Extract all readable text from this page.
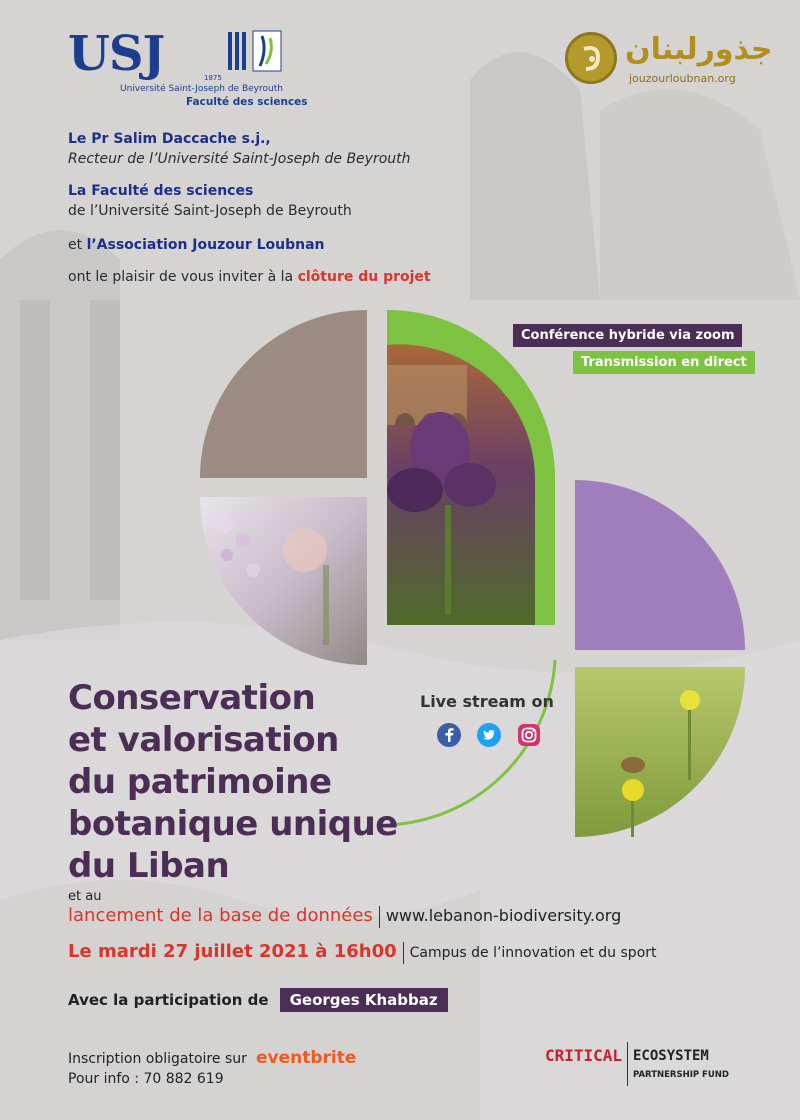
USJ	1875
Université Saint-Joseph de Beyrouth
Faculté des sciences
جذورلبنان
jouzourloubnan.org
Le Pr Salim Daccache s.j.,
Recteur de l’Université Saint-Joseph de Beyrouth
La Faculté des sciences
de l’Université Saint-Joseph de Beyrouth
et l’Association Jouzour Loubnan
ont le plaisir de vous inviter à la clôture du projet
Conférence hybride via zoom
Transmission en direct
Live stream on
Conservation
et valorisation
du patrimoine
botanique unique
du Liban
et au
lancement de la base de données www.lebanon-biodiversity.org
Le mardi 27 juillet 2021 à 16h00 Campus de l’innovation et du sport
Avec la participation de Georges Khabbaz
Inscription obligatoire sur eventbrite
Pour info : 70 882 619
CRITICAL ECOSYSTEM
PARTNERSHIP FUND
